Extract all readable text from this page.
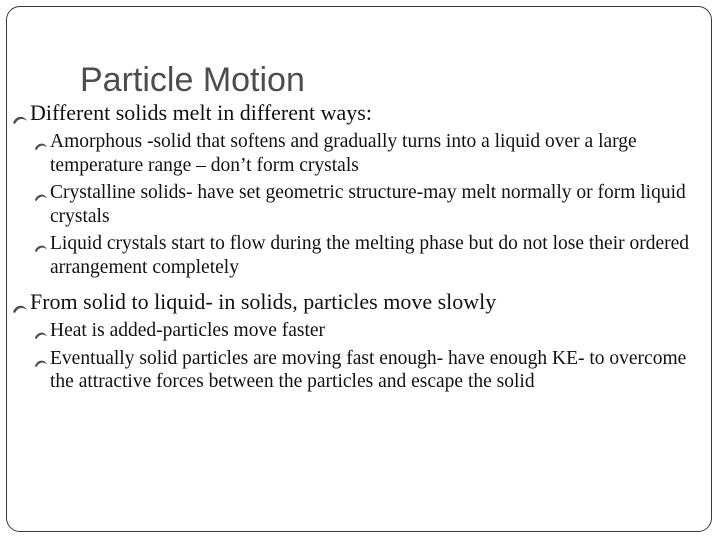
Particle Motion
Different solids melt in different ways:
Amorphous -solid that softens and gradually turns into a liquid over a large temperature range – don’t form crystals
Crystalline solids- have set geometric structure-may melt normally or form liquid crystals
Liquid crystals start to flow during the melting phase but do not lose their ordered arrangement completely
From solid to liquid- in solids, particles move slowly
Heat is added-particles move faster
Eventually solid particles are moving fast enough- have enough KE- to overcome the attractive forces between the particles and escape the solid
